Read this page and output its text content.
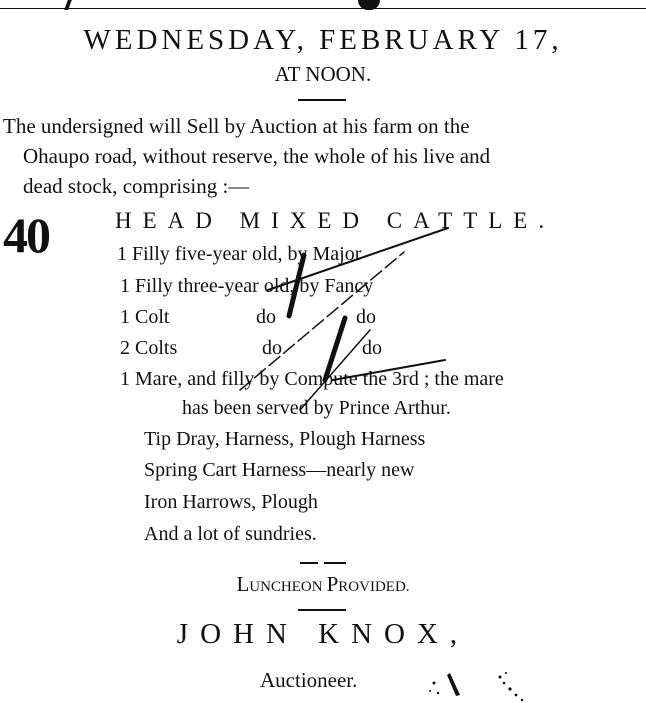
WEDNESDAY, FEBRUARY 17,
AT NOON.
The undersigned will Sell by Auction at his farm on the
Ohaupo road, without reserve, the whole of his live and
dead stock, comprising :—
40	HEAD MIXED CATTLE.
1 Filly five-year old, by Major
1 Filly three-year old, by Fancy
1 Colt	do	do
2 Colts	do	do
1 Mare, and filly by Compute the 3rd ; the mare
has been served by Prince Arthur.
Tip Dray, Harness, Plough Harness
Spring Cart Harness—nearly new
Iron Harrows, Plough
And a lot of sundries.
LUNCHEON PROVIDED.
JOHN KNOX,
Auctioneer.
